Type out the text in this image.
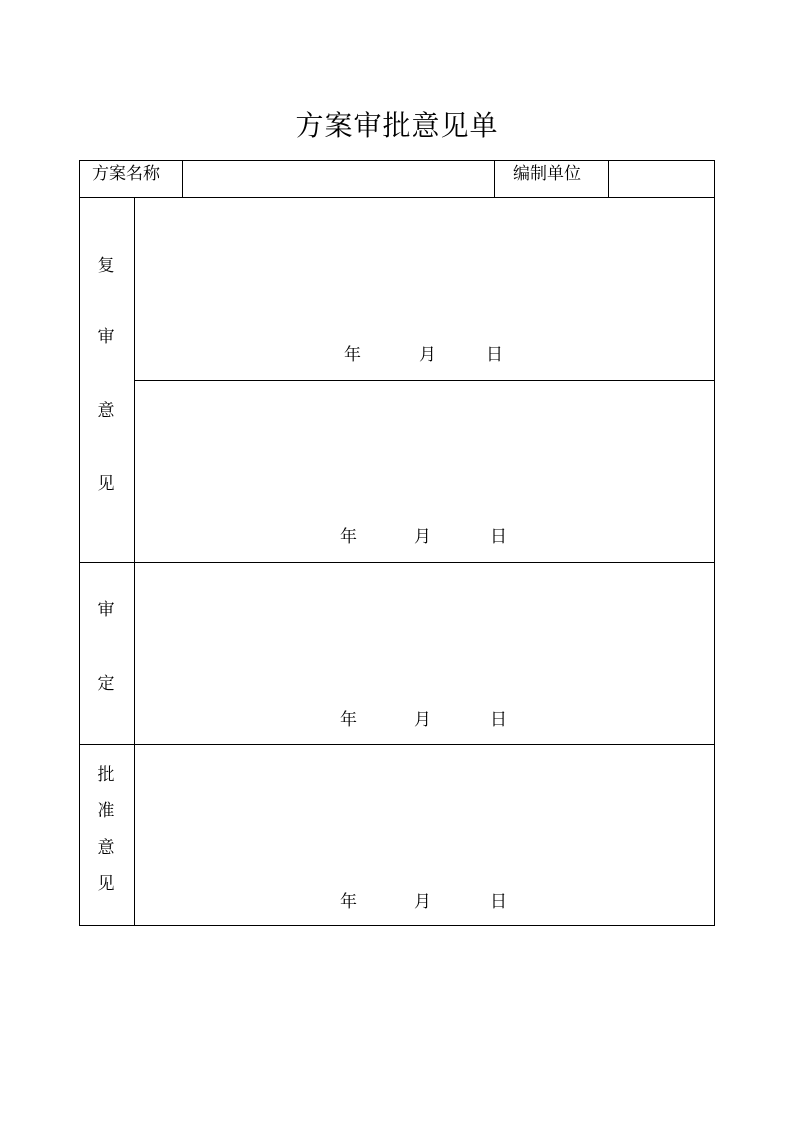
方案审批意见单
方案名称	编制单位
复
审
意
见
年	月	日
年	月	日
审
定
年	月	日
批
准
意
见
年	月	日
